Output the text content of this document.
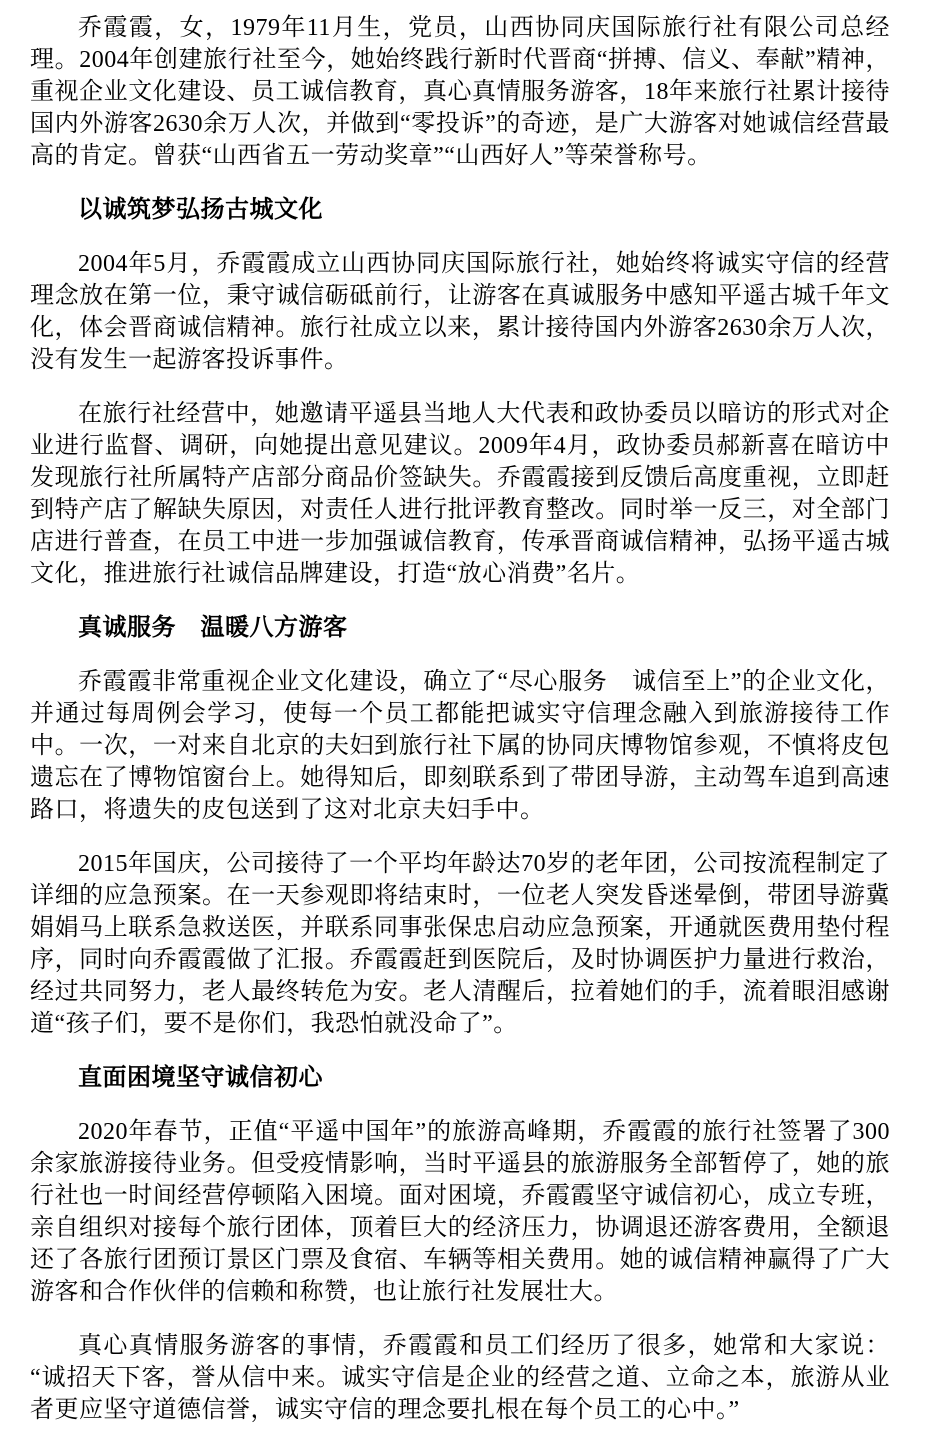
乔霞霞，女，1979年11月生，党员，山西协同庆国际旅行社有限公司总经理。2004年创建旅行社至今，她始终践行新时代晋商“拼搏、信义、奉献”精神，重视企业文化建设、员工诚信教育，真心真情服务游客，18年来旅行社累计接待国内外游客2630余万人次，并做到“零投诉”的奇迹，是广大游客对她诚信经营最高的肯定。曾获“山西省五一劳动奖章”“山西好人”等荣誉称号。

以诚筑梦弘扬古城文化

2004年5月，乔霞霞成立山西协同庆国际旅行社，她始终将诚实守信的经营理念放在第一位，秉守诚信砺砥前行，让游客在真诚服务中感知平遥古城千年文化，体会晋商诚信精神。旅行社成立以来，累计接待国内外游客2630余万人次，没有发生一起游客投诉事件。

在旅行社经营中，她邀请平遥县当地人大代表和政协委员以暗访的形式对企业进行监督、调研，向她提出意见建议。2009年4月，政协委员郝新喜在暗访中发现旅行社所属特产店部分商品价签缺失。乔霞霞接到反馈后高度重视，立即赶到特产店了解缺失原因，对责任人进行批评教育整改。同时举一反三，对全部门店进行普查，在员工中进一步加强诚信教育，传承晋商诚信精神，弘扬平遥古城文化，推进旅行社诚信品牌建设，打造“放心消费”名片。

真诚服务　温暖八方游客

乔霞霞非常重视企业文化建设，确立了“尽心服务　诚信至上”的企业文化，并通过每周例会学习，使每一个员工都能把诚实守信理念融入到旅游接待工作中。一次，一对来自北京的夫妇到旅行社下属的协同庆博物馆参观，不慎将皮包遗忘在了博物馆窗台上。她得知后，即刻联系到了带团导游，主动驾车追到高速路口，将遗失的皮包送到了这对北京夫妇手中。

2015年国庆，公司接待了一个平均年龄达70岁的老年团，公司按流程制定了详细的应急预案。在一天参观即将结束时，一位老人突发昏迷晕倒，带团导游冀娟娟马上联系急救送医，并联系同事张保忠启动应急预案，开通就医费用垫付程序，同时向乔霞霞做了汇报。乔霞霞赶到医院后，及时协调医护力量进行救治，经过共同努力，老人最终转危为安。老人清醒后，拉着她们的手，流着眼泪感谢道“孩子们，要不是你们，我恐怕就没命了”。

直面困境坚守诚信初心

2020年春节，正值“平遥中国年”的旅游高峰期，乔霞霞的旅行社签署了300余家旅游接待业务。但受疫情影响，当时平遥县的旅游服务全部暂停了，她的旅行社也一时间经营停顿陷入困境。面对困境，乔霞霞坚守诚信初心，成立专班，亲自组织对接每个旅行团体，顶着巨大的经济压力，协调退还游客费用，全额退还了各旅行团预订景区门票及食宿、车辆等相关费用。她的诚信精神赢得了广大游客和合作伙伴的信赖和称赞，也让旅行社发展壮大。

真心真情服务游客的事情，乔霞霞和员工们经历了很多，她常和大家说：“诚招天下客，誉从信中来。诚实守信是企业的经营之道、立命之本，旅游从业者更应坚守道德信誉，诚实守信的理念要扎根在每个员工的心中。”
